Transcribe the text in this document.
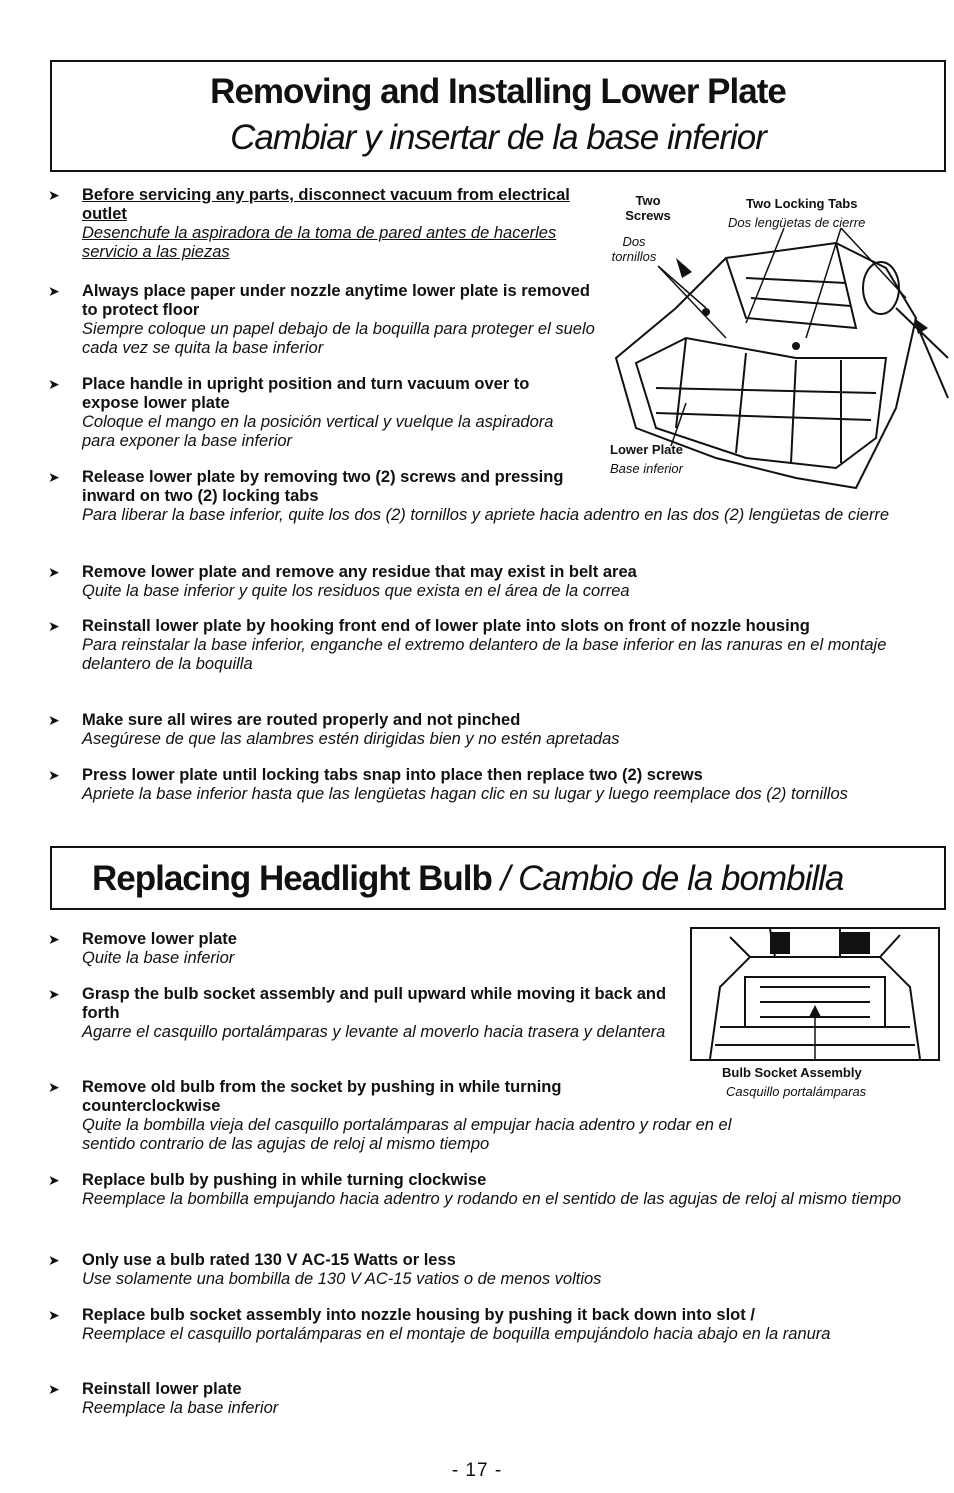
Removing and Installing Lower Plate
Cambiar y insertar de la base inferior
➤	Before servicing any parts, disconnect vacuum from electrical outlet
Desenchufe la aspiradora de la toma de pared antes de hacerles servicio a las piezas
➤	Always place paper under nozzle anytime lower plate is removed to protect floor
Siempre coloque un papel debajo de la boquilla para proteger el suelo cada vez se quita la base inferior
➤	Place handle in upright position and turn vacuum over to expose lower plate
Coloque el mango en la posición vertical y vuelque la aspiradora para exponer la base inferior
➤	Release lower plate by removing two (2) screws and pressing inward on two (2) locking tabs
Para liberar la base inferior, quite los dos (2) tornillos y apriete hacia adentro en las dos (2) lengüetas de cierre
➤	Remove lower plate and remove any residue that may exist in belt area
Quite la base inferior y quite los residuos que exista en el área de la correa
➤	Reinstall lower plate by hooking front end of lower plate into slots on front of nozzle housing
Para reinstalar la base inferior, enganche el extremo delantero de la base inferior en las ranuras en el montaje delantero de la boquilla
➤	Make sure all wires are routed properly and not pinched
Asegúrese de que las alambres estén dirigidas bien y no estén apretadas
➤	Press lower plate until locking tabs snap into place then replace two (2) screws
Apriete la base inferior hasta que las lengüetas hagan clic en su lugar y luego reemplace dos (2) tornillos
Two Screws
Dos tornillos
Two Locking Tabs
Dos lengüetas de cierre
Lower Plate
Base inferior
Replacing Headlight Bulb / Cambio de la bombilla
➤	Remove lower plate
Quite la base inferior
➤	Grasp the bulb socket assembly and pull upward while moving it back and forth
Agarre el casquillo portalámparas y levante al moverlo hacia trasera y delantera
➤	Remove old bulb from the socket by pushing in while turning counterclockwise
Quite la bombilla vieja del casquillo portalámparas al empujar hacia adentro y rodar en el sentido contrario de las agujas de reloj al mismo tiempo
➤	Replace bulb by pushing in while turning clockwise
Reemplace la bombilla empujando hacia adentro y rodando en el sentido de las agujas de reloj al mismo tiempo
➤	Only use a bulb rated 130 V AC-15 Watts or less
Use solamente una bombilla de 130 V AC-15 vatios o de menos voltios
➤	Replace bulb socket assembly into nozzle housing by pushing it back down into slot /
Reemplace el casquillo portalámparas en el montaje de boquilla empujándolo hacia abajo en la ranura
➤	Reinstall lower plate
Reemplace la base inferior
Bulb Socket Assembly
Casquillo portalámparas
- 17 -
